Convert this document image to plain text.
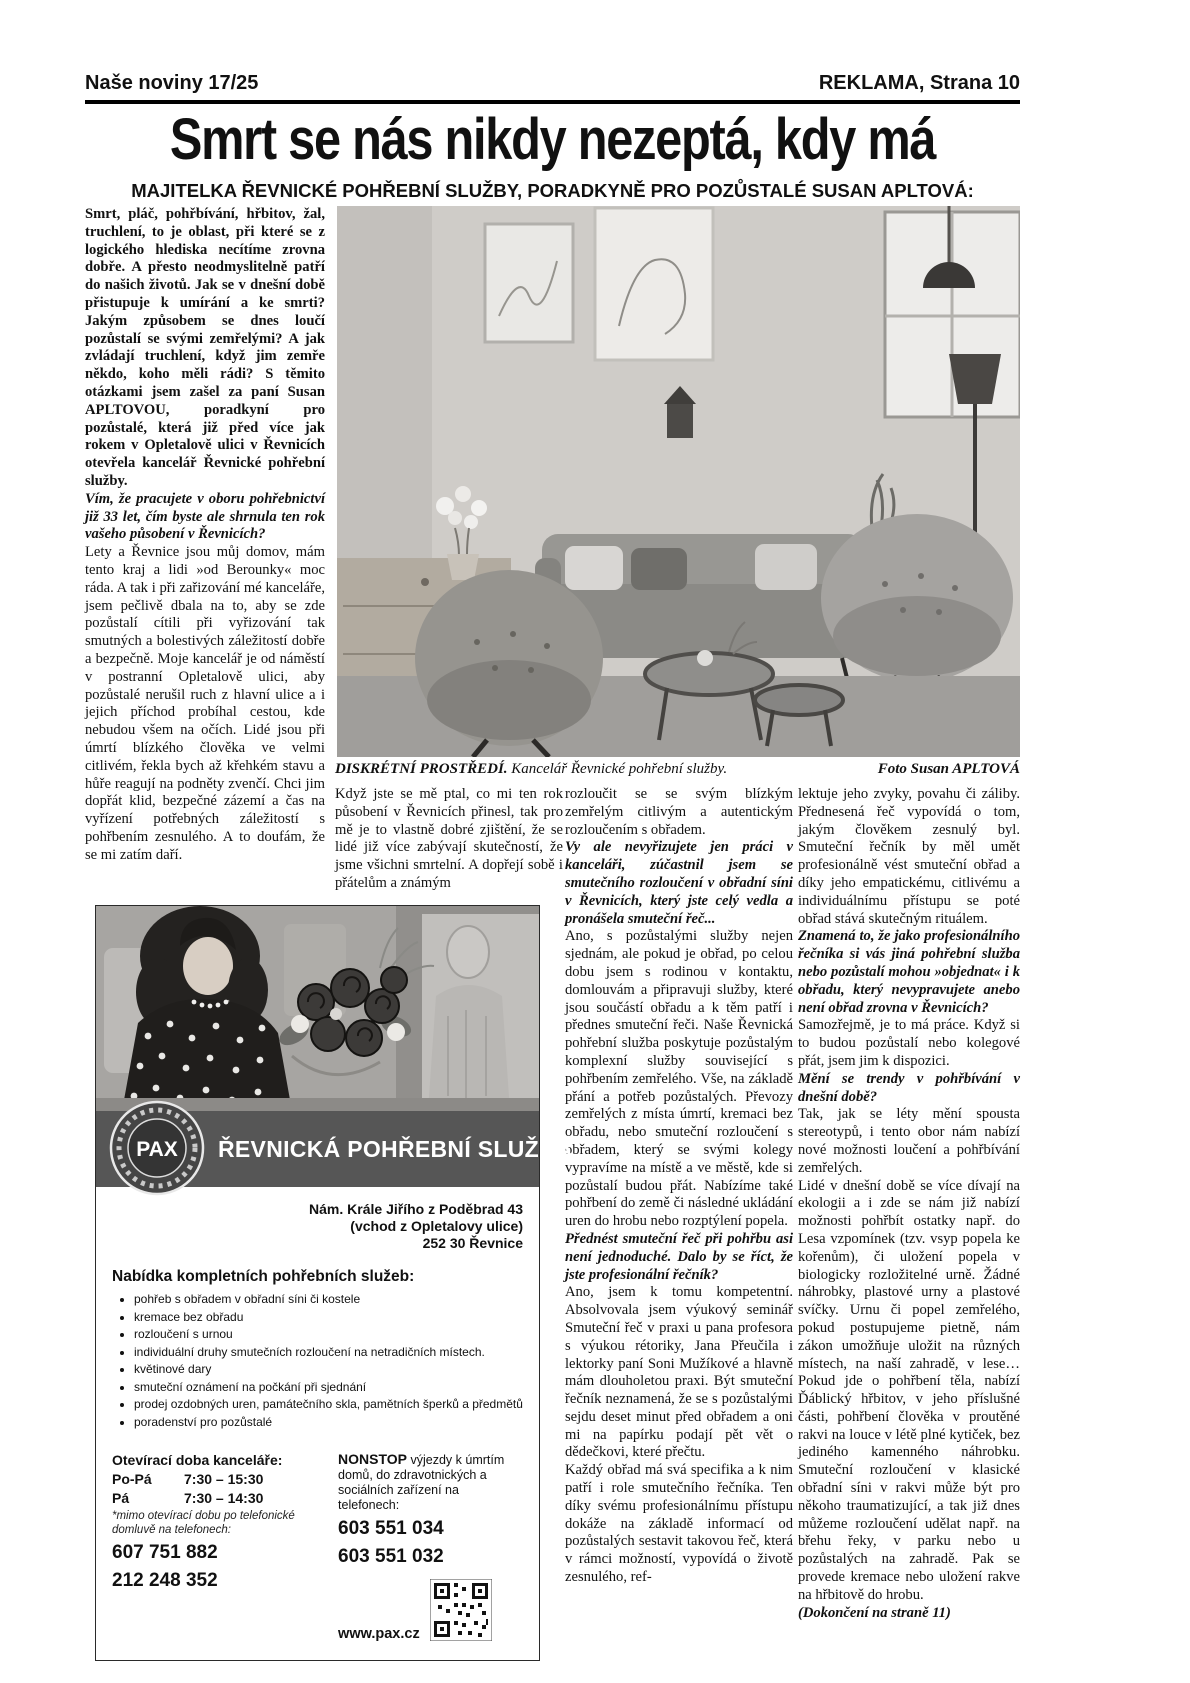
Naše noviny 17/25	REKLAMA, Strana 10
Smrt se nás nikdy nezeptá, kdy má
MAJITELKA ŘEVNICKÉ POHŘEBNÍ SLUŽBY, PORADKYNĚ PRO POZŮSTALÉ SUSAN APLTOVÁ:

Smrt, pláč, pohřbívání, hřbitov, žal, truchlení, to je oblast, při které se z logického hlediska necítíme zrovna dobře. A přesto neodmyslitelně patří do našich životů. Jak se v dnešní době přistupuje k umírání a ke smrti? Jakým způsobem se dnes loučí pozůstalí se svými zemřelými? A jak zvládají truchlení, když jim zemře někdo, koho měli rádi? S těmito otázkami jsem zašel za paní Susan APLTOVOU, poradkyní pro pozůstalé, která již před více jak rokem v Opletalově ulici v Řevnicích otevřela kancelář Řevnické pohřební služby.

Vím, že pracujete v oboru pohřebnictví již 33 let, čím byste ale shrnula ten rok vašeho působení v Řevnicích?

Lety a Řevnice jsou můj domov, mám tento kraj a lidi »od Berounky« moc ráda. A tak i při zařizování mé kanceláře, jsem pečlivě dbala na to, aby se zde pozůstalí cítili při vyřizování tak smutných a bolestivých záležitostí dobře a bezpečně. Moje kancelář je od náměstí v postranní Opletalově ulici, aby pozůstalé nerušil ruch z hlavní ulice a i jejich příchod probíhal cestou, kde nebudou všem na očích. Lidé jsou při úmrtí blízkého člověka ve velmi citlivém, řekla bych až křehkém stavu a hůře reagují na podněty zvenčí. Chci jim dopřát klid, bezpečné zázemí a čas na vyřízení potřebných záležitostí s pohřbením zesnulého. A to doufám, že se mi zatím daří.

DISKRÉTNÍ PROSTŘEDÍ. Kancelář Řevnické pohřební služby.	Foto Susan APLTOVÁ

Když jste se mě ptal, co mi ten rok působení v Řevnicích přinesl, tak pro mě je to vlastně dobré zjištění, že se lidé již více zabývají skutečností, že jsme všichni smrtelní. A dopřejí sobě i přátelům a známým

rozloučit se se svým blízkým zemřelým citlivým a autentickým rozloučením s obřadem.

Vy ale nevyřizujete jen práci v kanceláři, zúčastnil jsem se smutečního rozloučení v obřadní síni v Řevnicích, který jste celý vedla a pronášela smuteční řeč...

Ano, s pozůstalými služby nejen sjednám, ale pokud je obřad, po celou dobu jsem s rodinou v kontaktu, domlouvám a připravuji služby, které jsou součástí obřadu a k těm patří i přednes smuteční řeči. Naše Řevnická pohřební služba poskytuje pozůstalým komplexní služby související s pohřbením zemřelého. Vše, na základě přání a potřeb pozůstalých. Převozy zemřelých z místa úmrtí, kremaci bez obřadu, nebo smuteční rozloučení s obřadem, který se svými kolegy vypravíme na místě a ve městě, kde si pozůstalí budou přát. Nabízíme také pohřbení do země či následné ukládání uren do hrobu nebo rozptýlení popela.

Přednést smuteční řeč při pohřbu asi není jednoduché. Dalo by se říct, že jste profesionální řečník?

Ano, jsem k tomu kompetentní. Absolvovala jsem výukový seminář Smuteční řeč v praxi u pana profesora s výukou rétoriky, Jana Přeučila i lektorky paní Soni Mužíkové a hlavně mám dlouholetou praxi. Být smuteční řečník neznamená, že se s pozůstalými sejdu deset minut před obřadem a oni mi na papírku podají pět vět o dědečkovi, které přečtu.

Každý obřad má svá specifika a k nim patří i role smutečního řečníka. Ten díky svému profesionálnímu přístupu dokáže na základě informací od pozůstalých sestavit takovou řeč, která v rámci možností, vypovídá o životě zesnulého, ref-

lektuje jeho zvyky, povahu či záliby. Přednesená řeč vypovídá o tom, jakým člověkem zesnulý byl. Smuteční řečník by měl umět profesionálně vést smuteční obřad a díky jeho empatickému, citlivému a individuálnímu přístupu se poté obřad stává skutečným rituálem.

Znamená to, že jako profesionálního řečníka si vás jiná pohřební služba nebo pozůstalí mohou »objednat« i k obřadu, který nevypravujete anebo není obřad zrovna v Řevnicích?

Samozřejmě, je to má práce. Když si to budou pozůstalí nebo kolegové přát, jsem jim k dispozici.

Mění se trendy v pohřbívání v dnešní době?

Tak, jak se léty mění spousta stereotypů, i tento obor nám nabízí nové možnosti loučení a pohřbívání zemřelých.

Lidé v dnešní době se více dívají na ekologii a i zde se nám již nabízí možnosti pohřbít ostatky např. do Lesa vzpomínek (tzv. vsyp popela ke kořenům), či uložení popela v biologicky rozložitelné urně. Žádné náhrobky, plastové urny a plastové svíčky. Urnu či popel zemřelého, pokud postupujeme pietně, nám zákon umožňuje uložit na různých místech, na naší zahradě, v lese… Pokud jde o pohřbení těla, nabízí Ďáblický hřbitov, v jeho příslušné části, pohřbení člověka v proutěné rakvi na louce v létě plné kytiček, bez jediného kamenného náhrobku. Smuteční rozloučení v klasické obřadní síni v rakvi může být pro někoho traumatizující, a tak již dnes můžeme rozloučení udělat např. na břehu řeky, v parku nebo u pozůstalých na zahradě. Pak se provede kremace nebo uložení rakve na hřbitově do hrobu.

(Dokončení na straně 11)

PAX ŘEVNICKÁ POHŘEBNÍ SLUŽBA
Nám. Krále Jiřího z Poděbrad 43
(vchod z Opletalovy ulice)
252 30 Řevnice
Nabídka kompletních pohřebních služeb:
• pohřeb s obřadem v obřadní síni či kostele
• kremace bez obřadu
• rozloučení s urnou
• individuální druhy smutečních rozloučení na netradičních místech.
• květinové dary
• smuteční oznámení na počkání při sjednání
• prodej ozdobných uren, památečního skla, pamětních šperků a předmětů
• poradenství pro pozůstalé
Otevírací doba kanceláře:
Po-Pá	7:30 – 15:30
Pá	7:30 – 14:30
*mimo otevírací dobu po telefonické domluvě na telefonech:
607 751 882
212 248 352
NONSTOP výjezdy k úmrtím domů, do zdravotnických a sociálních zařízení na telefonech:
603 551 034
603 551 032
www.pax.cz
